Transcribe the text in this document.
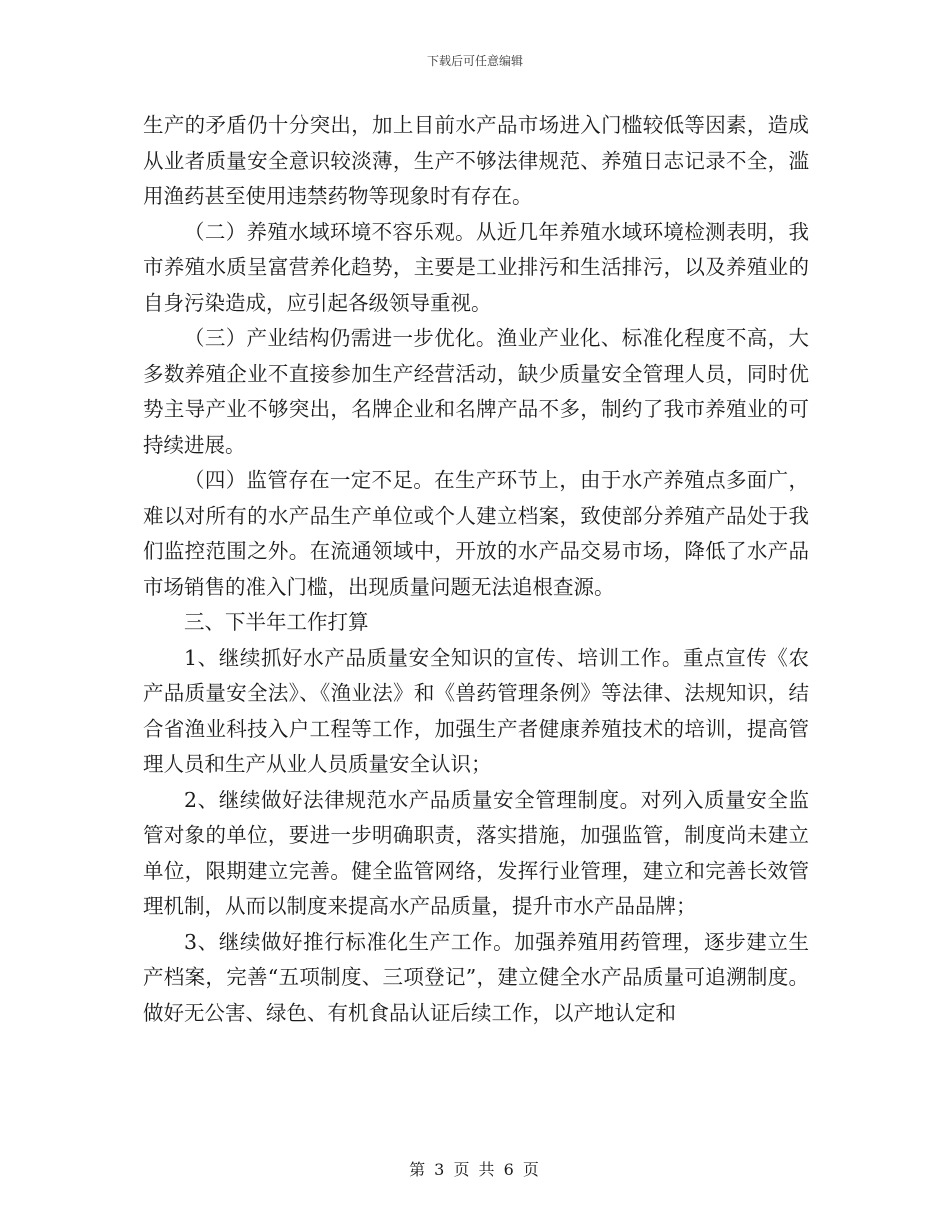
下载后可任意编辑

生产的矛盾仍十分突出，加上目前水产品市场进入门槛较低等因素，造成从业者质量安全意识较淡薄，生产不够法律规范、养殖日志记录不全，滥用渔药甚至使用违禁药物等现象时有存在。

（二）养殖水域环境不容乐观。从近几年养殖水域环境检测表明，我市养殖水质呈富营养化趋势，主要是工业排污和生活排污，以及养殖业的自身污染造成，应引起各级领导重视。

（三）产业结构仍需进一步优化。渔业产业化、标准化程度不高，大多数养殖企业不直接参加生产经营活动，缺少质量安全管理人员，同时优势主导产业不够突出，名牌企业和名牌产品不多，制约了我市养殖业的可持续进展。

（四）监管存在一定不足。在生产环节上，由于水产养殖点多面广，难以对所有的水产品生产单位或个人建立档案，致使部分养殖产品处于我们监控范围之外。在流通领域中，开放的水产品交易市场，降低了水产品市场销售的准入门槛，出现质量问题无法追根查源。

三、下半年工作打算

1、继续抓好水产品质量安全知识的宣传、培训工作。重点宣传《农产品质量安全法》、《渔业法》和《兽药管理条例》等法律、法规知识，结合省渔业科技入户工程等工作，加强生产者健康养殖技术的培训，提高管理人员和生产从业人员质量安全认识；

2、继续做好法律规范水产品质量安全管理制度。对列入质量安全监管对象的单位，要进一步明确职责，落实措施，加强监管，制度尚未建立单位，限期建立完善。健全监管网络，发挥行业管理，建立和完善长效管理机制，从而以制度来提高水产品质量，提升市水产品品牌；

3、继续做好推行标准化生产工作。加强养殖用药管理，逐步建立生产档案，完善“五项制度、三项登记”，建立健全水产品质量可追溯制度。做好无公害、绿色、有机食品认证后续工作，以产地认定和

第 3 页 共 6 页
